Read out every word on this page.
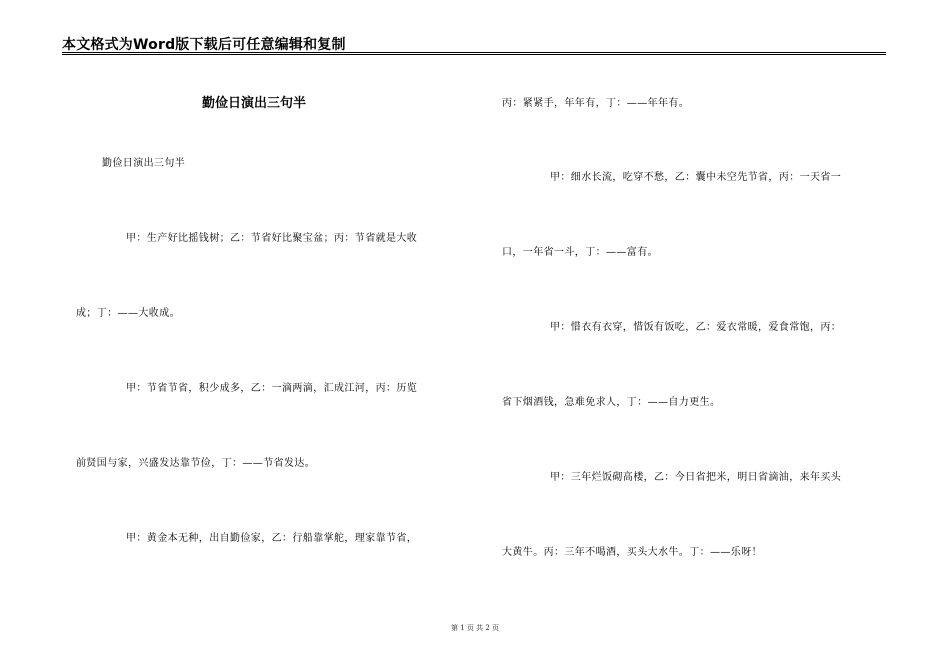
本文格式为Word版下载后可任意编辑和复制
勤俭日演出三句半
勤俭日演出三句半
甲：生产好比摇钱树；乙：节省好比聚宝盆；丙：节省就是大收
成；丁：——大收成。
甲：节省节省，积少成多，乙：一滴两滴，汇成江河，丙：历览
前贤国与家，兴盛发达靠节俭，丁：——节省发达。
甲：黄金本无种，出自勤俭家，乙：行船靠掌舵，理家靠节省，
丙：紧紧手，年年有，丁：——年年有。
甲：细水长流，吃穿不愁，乙：囊中未空先节省，丙：一天省一
口，一年省一斗，丁：——富有。
甲：惜衣有衣穿，惜饭有饭吃，乙：爱衣常暖，爱食常饱，丙：
省下烟酒钱，急难免求人，丁：——自力更生。
甲：三年烂饭砌高楼，乙：今日省把米，明日省滴油，来年买头
大黄牛。丙：三年不喝酒，买头大水牛。丁：——乐呀！
第 1 页 共 2 页
